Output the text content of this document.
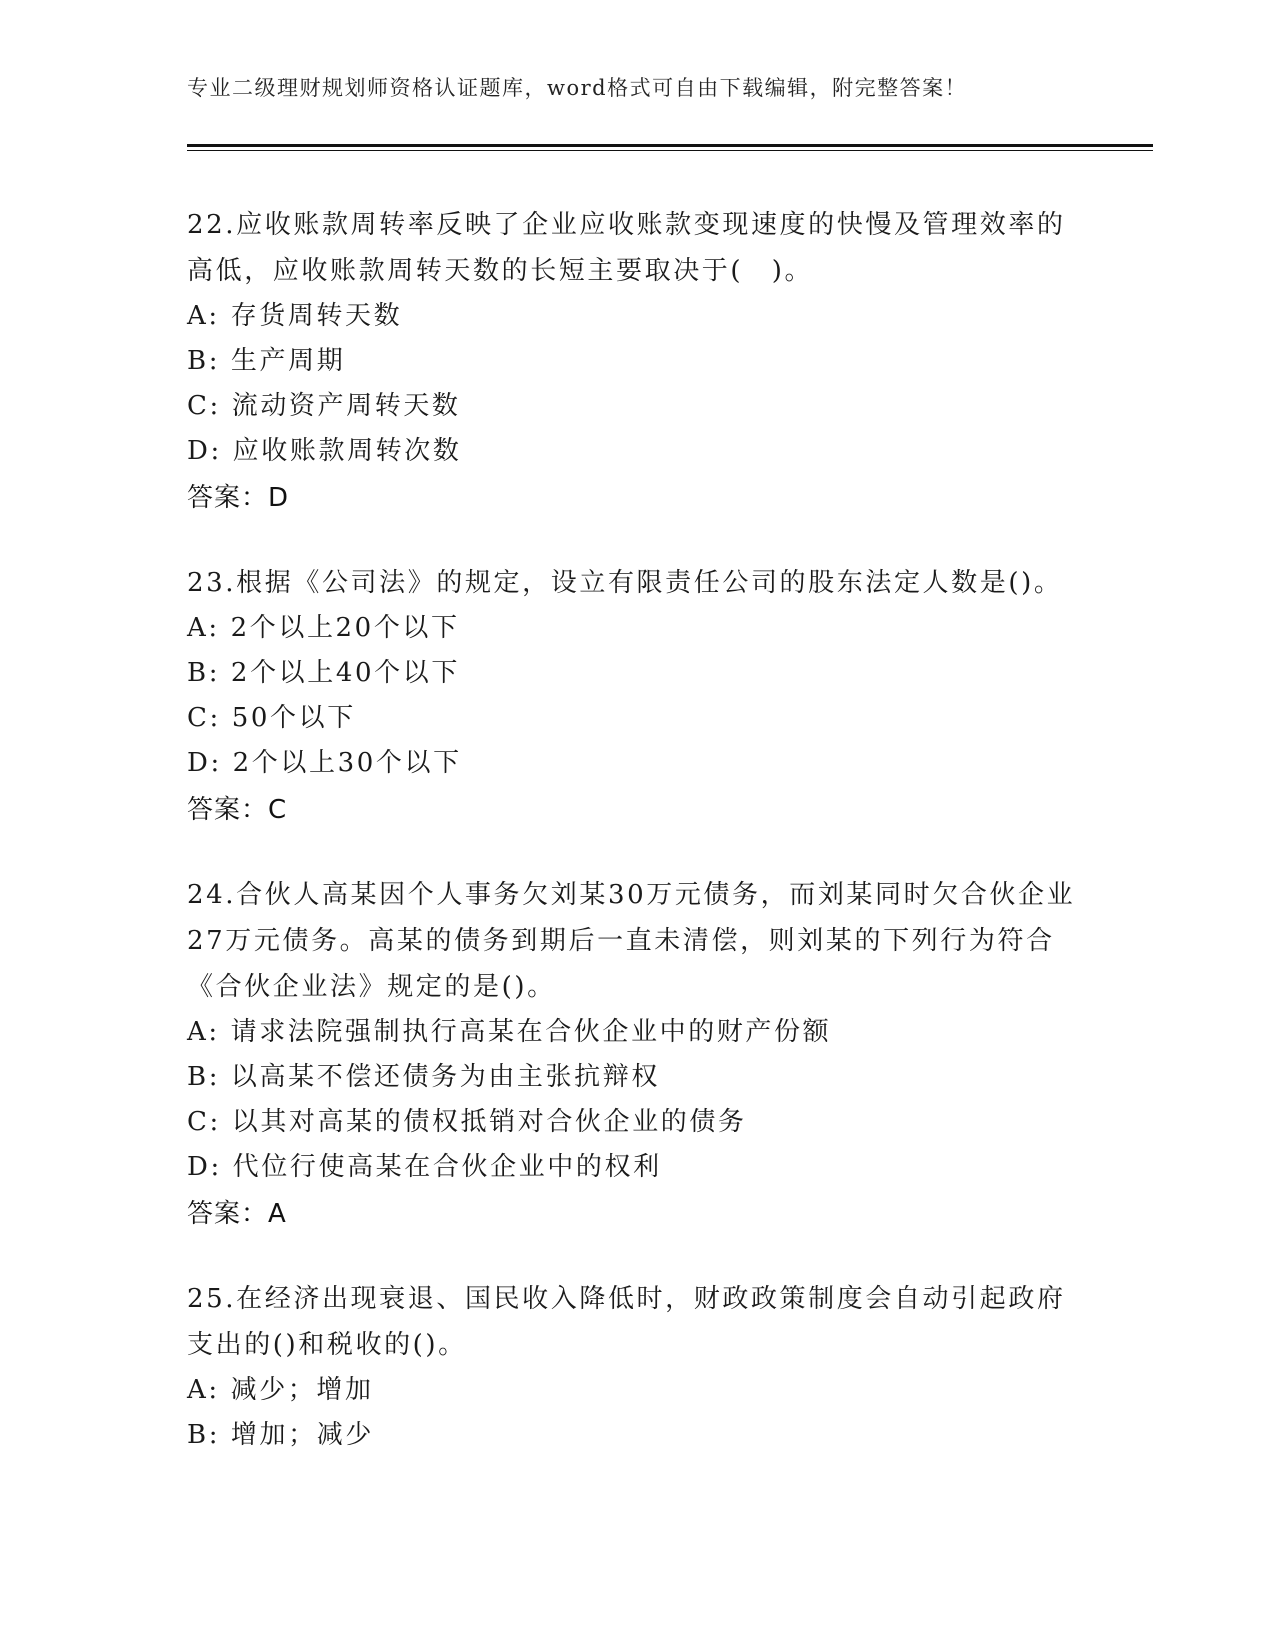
专业二级理财规划师资格认证题库，word格式可自由下载编辑，附完整答案！

22.应收账款周转率反映了企业应收账款变现速度的快慢及管理效率的高低，应收账款周转天数的长短主要取决于(　)。

A: 存货周转天数

B: 生产周期

C: 流动资产周转天数

D: 应收账款周转次数

答案：D

23.根据《公司法》的规定，设立有限责任公司的股东法定人数是()。

A: 2个以上20个以下

B: 2个以上40个以下

C: 50个以下

D: 2个以上30个以下

答案：C

24.合伙人高某因个人事务欠刘某30万元债务，而刘某同时欠合伙企业27万元债务。高某的债务到期后一直未清偿，则刘某的下列行为符合《合伙企业法》规定的是()。

A: 请求法院强制执行高某在合伙企业中的财产份额

B: 以高某不偿还债务为由主张抗辩权

C: 以其对高某的债权抵销对合伙企业的债务

D: 代位行使高某在合伙企业中的权利

答案：A

25.在经济出现衰退、国民收入降低时，财政政策制度会自动引起政府支出的()和税收的()。

A: 减少；增加

B: 增加；减少
